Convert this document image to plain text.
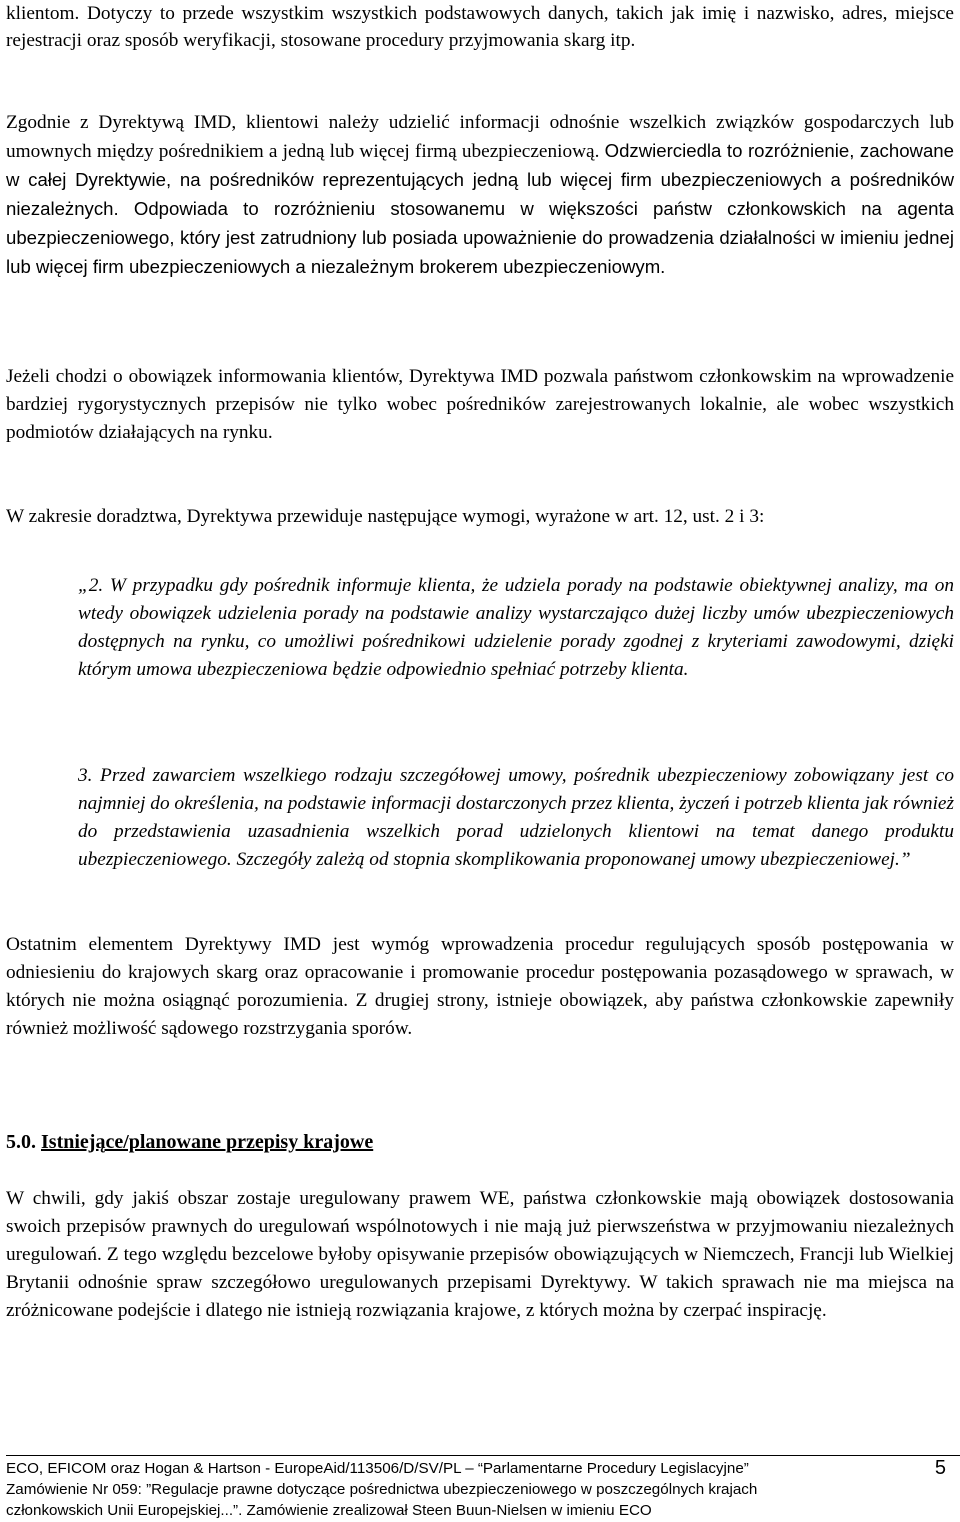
klientom. Dotyczy to przede wszystkim wszystkich podstawowych danych, takich jak imię i nazwisko, adres, miejsce rejestracji oraz sposób weryfikacji, stosowane procedury przyjmowania skarg itp.

Zgodnie z Dyrektywą IMD, klientowi należy udzielić informacji odnośnie wszelkich związków gospodarczych lub umownych między pośrednikiem a jedną lub więcej firmą ubezpieczeniową. Odzwierciedla to rozróżnienie, zachowane w całej Dyrektywie, na pośredników reprezentujących jedną lub więcej firm ubezpieczeniowych a pośredników niezależnych. Odpowiada to rozróżnieniu stosowanemu w większości państw członkowskich na agenta ubezpieczeniowego, który jest zatrudniony lub posiada upoważnienie do prowadzenia działalności w imieniu jednej lub więcej firm ubezpieczeniowych a niezależnym brokerem ubezpieczeniowym.

Jeżeli chodzi o obowiązek informowania klientów, Dyrektywa IMD pozwala państwom członkowskim na wprowadzenie bardziej rygorystycznych przepisów nie tylko wobec pośredników zarejestrowanych lokalnie, ale wobec wszystkich podmiotów działających na rynku.

W zakresie doradztwa, Dyrektywa przewiduje następujące wymogi, wyrażone w art. 12, ust. 2 i 3:

„2. W przypadku gdy pośrednik informuje klienta, że udziela porady na podstawie obiektywnej analizy, ma on wtedy obowiązek udzielenia porady na podstawie analizy wystarczająco dużej liczby umów ubezpieczeniowych dostępnych na rynku, co umożliwi pośrednikowi udzielenie porady zgodnej z kryteriami zawodowymi, dzięki którym umowa ubezpieczeniowa będzie odpowiednio spełniać potrzeby klienta.

3. Przed zawarciem wszelkiego rodzaju szczegółowej umowy, pośrednik ubezpieczeniowy zobowiązany jest co najmniej do określenia, na podstawie informacji dostarczonych przez klienta, życzeń i potrzeb klienta jak również do przedstawienia uzasadnienia wszelkich porad udzielonych klientowi na temat danego produktu ubezpieczeniowego. Szczegóły zależą od stopnia skomplikowania proponowanej umowy ubezpieczeniowej.”

Ostatnim elementem Dyrektywy IMD jest wymóg wprowadzenia procedur regulujących sposób postępowania w odniesieniu do krajowych skarg oraz opracowanie i promowanie procedur postępowania pozasądowego w sprawach, w których nie można osiągnąć porozumienia. Z drugiej strony, istnieje obowiązek, aby państwa członkowskie zapewniły również możliwość sądowego rozstrzygania sporów.

5.0. Istniejące/planowane przepisy krajowe

W chwili, gdy jakiś obszar zostaje uregulowany prawem WE, państwa członkowskie mają obowiązek dostosowania swoich przepisów prawnych do uregulowań wspólnotowych i nie mają już pierwszeństwa w przyjmowaniu niezależnych uregulowań. Z tego względu bezcelowe byłoby opisywanie przepisów obowiązujących w Niemczech, Francji lub Wielkiej Brytanii odnośnie spraw szczegółowo uregulowanych przepisami Dyrektywy. W takich sprawach nie ma miejsca na zróżnicowane podejście i dlatego nie istnieją rozwiązania krajowe, z których można by czerpać inspirację.

ECO, EFICOM oraz Hogan & Hartson - EuropeAid/113506/D/SV/PL – “Parlamentarne Procedury Legislacyjne”
Zamówienie Nr 059: ”Regulacje prawne dotyczące pośrednictwa ubezpieczeniowego w poszczególnych krajach
członkowskich Unii Europejskiej...”. Zamówienie zrealizował Steen Buun-Nielsen w imieniu ECO
5
